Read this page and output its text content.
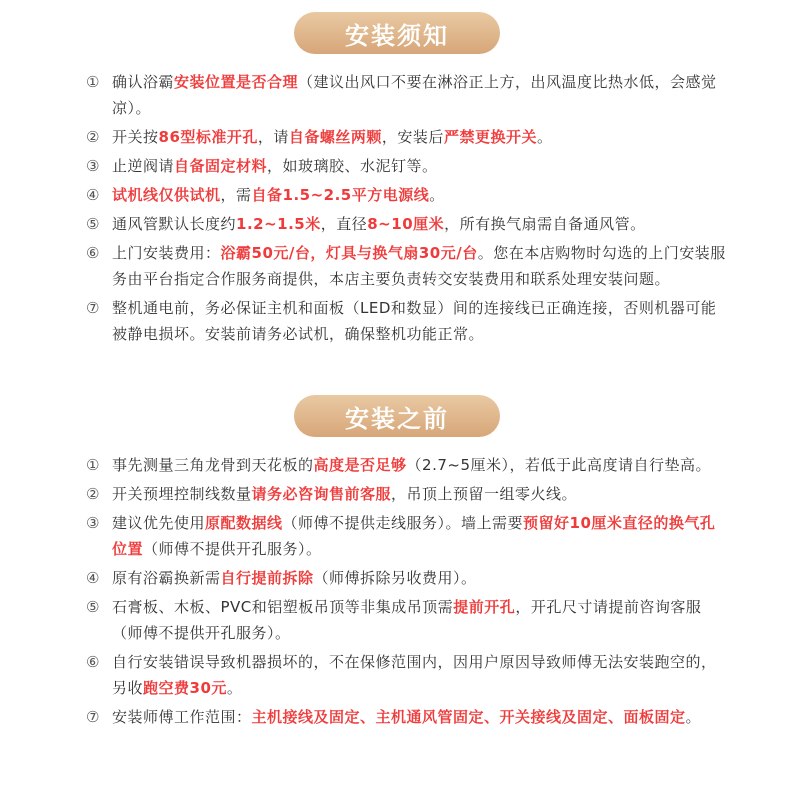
安装须知
① 确认浴霸安装位置是否合理（建议出风口不要在淋浴正上方，出风温度比热水低，会感觉凉）。
② 开关按86型标准开孔，请自备螺丝两颗，安装后严禁更换开关。
③ 止逆阀请自备固定材料，如玻璃胶、水泥钉等。
④ 试机线仅供试机，需自备1.5~2.5平方电源线。
⑤ 通风管默认长度约1.2~1.5米，直径8~10厘米，所有换气扇需自备通风管。
⑥ 上门安装费用：浴霸50元/台，灯具与换气扇30元/台。您在本店购物时勾选的上门安装服务由平台指定合作服务商提供，本店主要负责转交安装费用和联系处理安装问题。
⑦ 整机通电前，务必保证主机和面板（LED和数显）间的连接线已正确连接，否则机器可能被静电损坏。安装前请务必试机，确保整机功能正常。
安装之前
① 事先测量三角龙骨到天花板的高度是否足够（2.7~5厘米），若低于此高度请自行垫高。
② 开关预埋控制线数量请务必咨询售前客服，吊顶上预留一组零火线。
③ 建议优先使用原配数据线（师傅不提供走线服务）。墙上需要预留好10厘米直径的换气孔位置（师傅不提供开孔服务）。
④ 原有浴霸换新需自行提前拆除（师傅拆除另收费用）。
⑤ 石膏板、木板、PVC和铝塑板吊顶等非集成吊顶需提前开孔，开孔尺寸请提前咨询客服（师傅不提供开孔服务）。
⑥ 自行安装错误导致机器损坏的，不在保修范围内，因用户原因导致师傅无法安装跑空的，另收跑空费30元。
⑦ 安装师傅工作范围：主机接线及固定、主机通风管固定、开关接线及固定、面板固定。
